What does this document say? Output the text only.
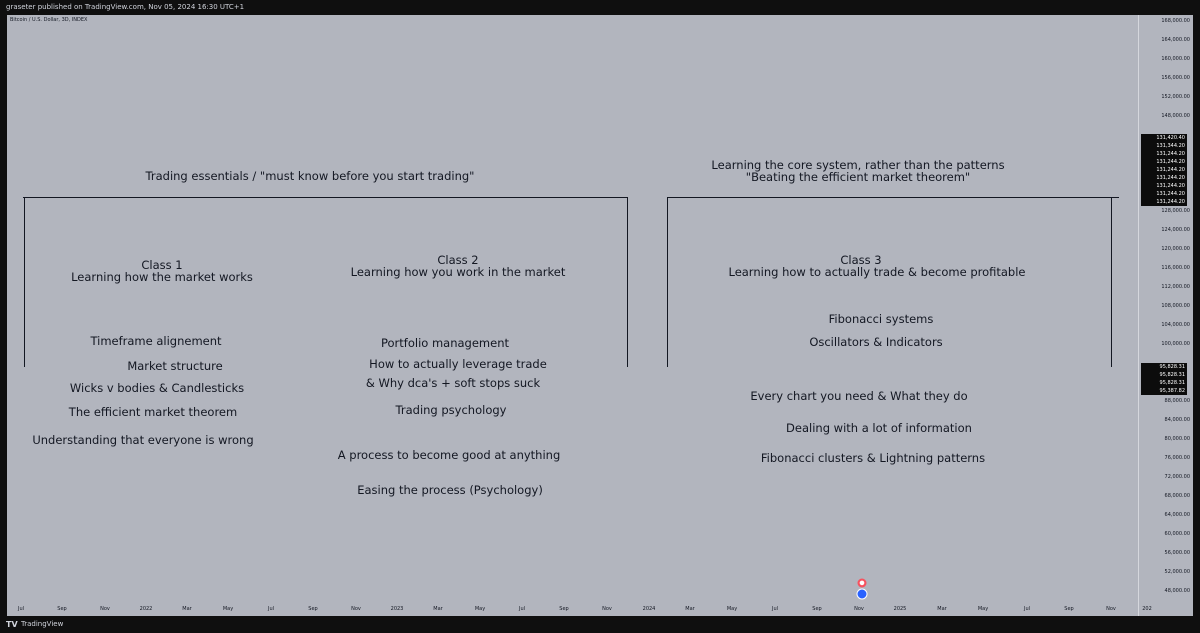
graseter published on TradingView.com, Nov 05, 2024 16:30 UTC+1
Bitcoin / U.S. Dollar, 3D, INDEX
Trading essentials / "must know before you start trading"
Learning the core system, rather than the patterns
"Beating the efficient market theorem"
Class 1
Learning how the market works
Timeframe alignement
Market structure
Wicks v bodies & Candlesticks
The efficient market theorem
Understanding that everyone is wrong
Class 2
Learning how you work in the market
Portfolio management
How to actually leverage trade
& Why dca's + soft stops suck
Trading psychology
A process to become good at anything
Easing the process (Psychology)
Class 3
Learning how to actually trade & become profitable
Fibonacci systems
Oscillators & Indicators
Every chart you need & What they do
Dealing with a lot of information
Fibonacci clusters & Lightning patterns
●
168,000.00
164,000.00
160,000.00
156,000.00
152,000.00
148,000.00
128,000.00
124,000.00
120,000.00
116,000.00
112,000.00
108,000.00
104,000.00
100,000.00
88,000.00
84,000.00
80,000.00
76,000.00
72,000.00
68,000.00
64,000.00
60,000.00
56,000.00
52,000.00
48,000.00
131,420.40
131,344.20
131,244.20
131,244.20
131,244.20
131,244.20
131,244.20
131,244.20
131,244.20
95,828.31
95,828.31
95,828.31
95,387.82
Jul	Sep	Nov	2022	Mar	May	Jul	Sep	Nov	2023	Mar	May	Jul	Sep	Nov	2024	Mar	May	Jul	Sep	Nov	2025	Mar	May	Jul	Sep	Nov	202
TV TradingView
